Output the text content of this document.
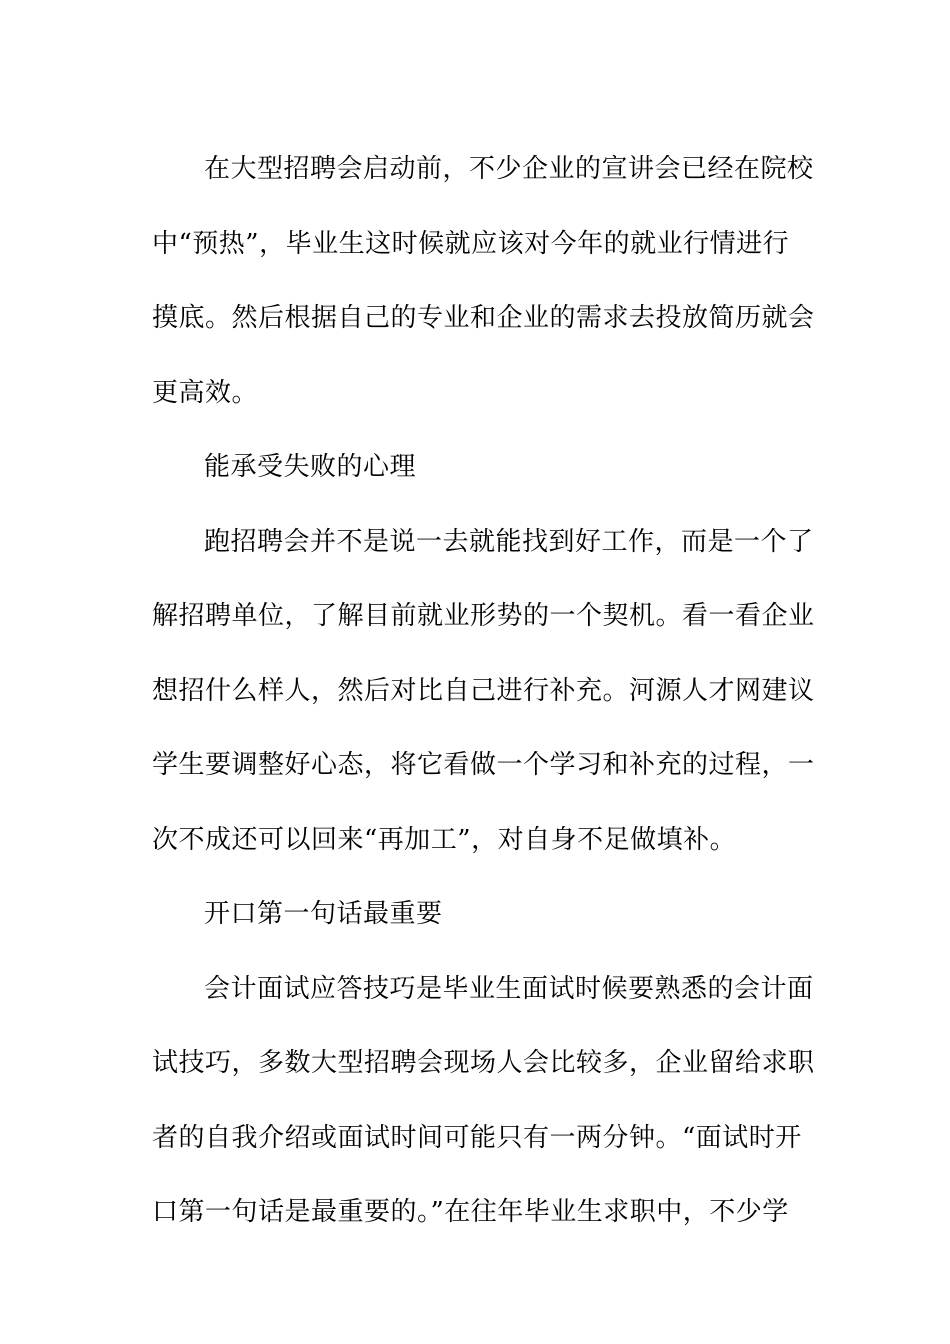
在大型招聘会启动前，不少企业的宣讲会已经在院校
中“预热”，毕业生这时候就应该对今年的就业行情进行
摸底。然后根据自己的专业和企业的需求去投放简历就会
更高效。
能承受失败的心理
跑招聘会并不是说一去就能找到好工作，而是一个了
解招聘单位，了解目前就业形势的一个契机。看一看企业
想招什么样人，然后对比自己进行补充。河源人才网建议
学生要调整好心态，将它看做一个学习和补充的过程，一
次不成还可以回来“再加工”，对自身不足做填补。
开口第一句话最重要
会计面试应答技巧是毕业生面试时候要熟悉的会计面
试技巧，多数大型招聘会现场人会比较多，企业留给求职
者的自我介绍或面试时间可能只有一两分钟。“面试时开
口第一句话是最重要的。”在往年毕业生求职中，不少学
